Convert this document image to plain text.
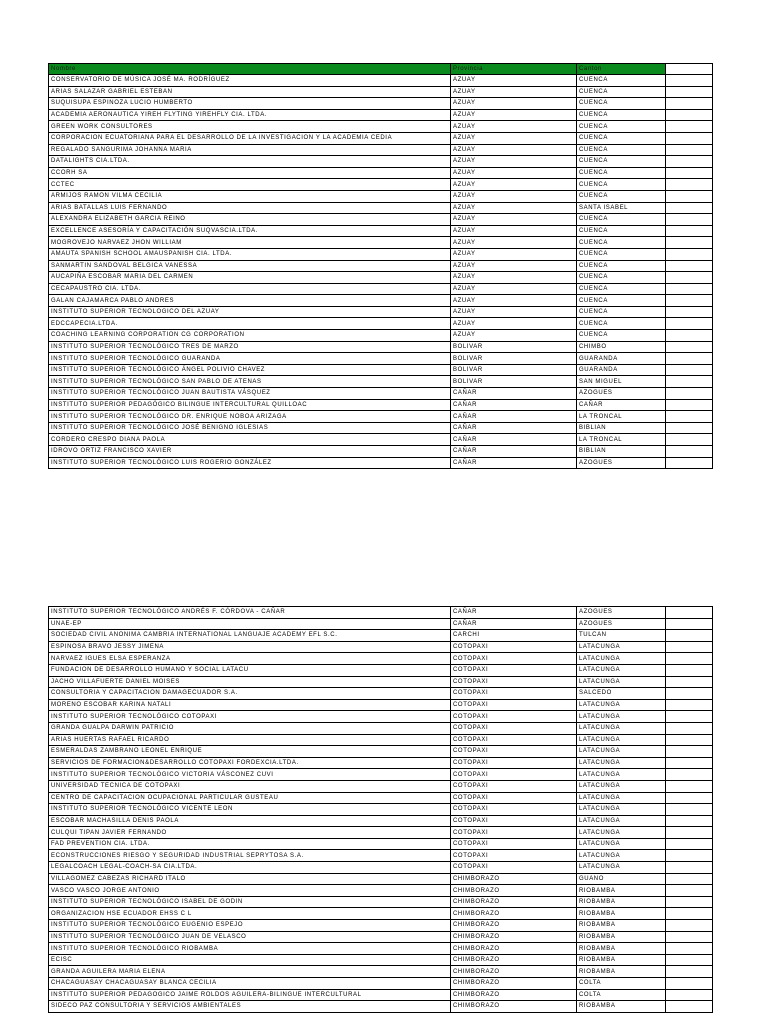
Nombre	Provincia	Canton	
CONSERVATORIO DE MÚSICA JOSÉ MA. RODRÍGUEZ	AZUAY	CUENCA	
ARIAS SALAZAR GABRIEL ESTEBAN	AZUAY	CUENCA	
SUQUISUPA ESPINOZA LUCIO HUMBERTO	AZUAY	CUENCA	
ACADEMIA AERONAUTICA YIREH FLYTING YIREHFLY CIA. LTDA.	AZUAY	CUENCA	
GREEN WORK CONSULTORES	AZUAY	CUENCA	
CORPORACION ECUATORIANA PARA EL DESARROLLO DE LA INVESTIGACION Y LA ACADEMIA CEDIA	AZUAY	CUENCA	
REGALADO SANGURIMA JOHANNA MARIA	AZUAY	CUENCA	
DATALIGHTS CIA.LTDA.	AZUAY	CUENCA	
CCORH SA	AZUAY	CUENCA	
CCTEC	AZUAY	CUENCA	
ARMIJOS RAMON VILMA CECILIA	AZUAY	CUENCA	
ARIAS BATALLAS LUIS FERNANDO	AZUAY	SANTA ISABEL	
ALEXANDRA ELIZABETH GARCIA REINO	AZUAY	CUENCA	
EXCELLENCE ASESORÍA Y CAPACITACIÓN SUQVASCIA.LTDA.	AZUAY	CUENCA	
MOGROVEJO NARVAEZ JHON WILLIAM	AZUAY	CUENCA	
AMAUTA SPANISH SCHOOL AMAUSPANISH CIA. LTDA.	AZUAY	CUENCA	
SANMARTIN SANDOVAL BELGICA VANESSA	AZUAY	CUENCA	
AUCAPIÑA ESCOBAR MARIA DEL CARMEN	AZUAY	CUENCA	
CECAPAUSTRO CIA. LTDA.	AZUAY	CUENCA	
GALAN CAJAMARCA PABLO ANDRES	AZUAY	CUENCA	
INSTITUTO SUPERIOR TECNOLOGICO DEL AZUAY	AZUAY	CUENCA	
EDCCAPECIA.LTDA.	AZUAY	CUENCA	
COACHING LEARNING CORPORATION CG CORPORATION	AZUAY	CUENCA	
INSTITUTO SUPERIOR TECNOLÓGICO TRES DE MARZO	BOLIVAR	CHIMBO	
INSTITUTO SUPERIOR TECNOLÓGICO GUARANDA	BOLIVAR	GUARANDA	
INSTITUTO SUPERIOR TECNOLÓGICO ÁNGEL POLIVIO CHAVEZ	BOLIVAR	GUARANDA	
INSTITUTO SUPERIOR TECNOLÓGICO SAN PABLO DE ATENAS	BOLIVAR	SAN MIGUEL	
INSTITUTO SUPERIOR TECNOLÓGICO JUAN BAUTISTA VÁSQUEZ	CAÑAR	AZOGUES	
INSTITUTO SUPERIOR PEDAGÓGICO BILINGUE INTERCULTURAL QUILLOAC	CAÑAR	CAÑAR	
INSTITUTO SUPERIOR TECNOLÓGICO DR. ENRIQUE NOBOA ARIZAGA	CAÑAR	LA TRONCAL	
INSTITUTO SUPERIOR TECNOLÓGICO JOSÉ BENIGNO IGLESIAS	CAÑAR	BIBLIAN	
CORDERO CRESPO DIANA PAOLA	CAÑAR	LA TRONCAL	
IDROVO ORTIZ FRANCISCO XAVIER	CAÑAR	BIBLIAN	
INSTITUTO SUPERIOR TECNOLÓGICO LUIS ROGERIO GONZÁLEZ	CAÑAR	AZOGUES	
INSTITUTO SUPERIOR TECNOLÓGICO ANDRÉS F. CÓRDOVA - CAÑAR	CAÑAR	AZOGUES	
UNAE-EP	CAÑAR	AZOGUES	
SOCIEDAD CIVIL ANONIMA CAMBRIA INTERNATIONAL LANGUAJE ACADEMY EFL S.C.	CARCHI	TULCAN	
ESPINOSA BRAVO JESSY JIMENA	COTOPAXI	LATACUNGA	
NARVAEZ IGUES ELSA ESPERANZA	COTOPAXI	LATACUNGA	
FUNDACION DE DESARROLLO HUMANO Y SOCIAL LATACU	COTOPAXI	LATACUNGA	
JACHO VILLAFUERTE DANIEL MOISES	COTOPAXI	LATACUNGA	
CONSULTORIA Y CAPACITACION DAMAGECUADOR S.A.	COTOPAXI	SALCEDO	
MORENO ESCOBAR KARINA NATALI	COTOPAXI	LATACUNGA	
INSTITUTO SUPERIOR TECNOLÓGICO COTOPAXI	COTOPAXI	LATACUNGA	
GRANDA GUALPA DARWIN PATRICIO	COTOPAXI	LATACUNGA	
ARIAS HUERTAS RAFAEL RICARDO	COTOPAXI	LATACUNGA	
ESMERALDAS ZAMBRANO LEONEL ENRIQUE	COTOPAXI	LATACUNGA	
SERVICIOS DE FORMACION&DESARROLLO COTOPAXI FORDEXCIA.LTDA.	COTOPAXI	LATACUNGA	
INSTITUTO SUPERIOR TECNOLÓGICO VICTORIA VÁSCONEZ CUVI	COTOPAXI	LATACUNGA	
UNIVERSIDAD TECNICA DE COTOPAXI	COTOPAXI	LATACUNGA	
CENTRO DE CAPACITACION OCUPACIONAL PARTICULAR GUSTEAU	COTOPAXI	LATACUNGA	
INSTITUTO SUPERIOR TECNOLÓGICO VICENTE LEON	COTOPAXI	LATACUNGA	
ESCOBAR MACHASILLA DENIS PAOLA	COTOPAXI	LATACUNGA	
CULQUI TIPAN JAVIER FERNANDO	COTOPAXI	LATACUNGA	
FAD PREVENTION CIA. LTDA.	COTOPAXI	LATACUNGA	
ECONSTRUCCIONES RIESGO Y SEGURIDAD INDUSTRIAL SEPRYTOSA S.A.	COTOPAXI	LATACUNGA	
LEGALCOACH LEGAL-COACH-SA CIA.LTDA.	COTOPAXI	LATACUNGA	
VILLAGOMEZ CABEZAS RICHARD ITALO	CHIMBORAZO	GUANO	
VASCO VASCO JORGE ANTONIO	CHIMBORAZO	RIOBAMBA	
INSTITUTO SUPERIOR TECNOLÓGICO ISABEL DE GODIN	CHIMBORAZO	RIOBAMBA	
ORGANIZACION HSE ECUADOR EHSS C L	CHIMBORAZO	RIOBAMBA	
INSTITUTO SUPERIOR TECNOLÓGICO EUGENIO ESPEJO	CHIMBORAZO	RIOBAMBA	
INSTITUTO SUPERIOR TECNOLÓGICO JUAN DE VELASCO	CHIMBORAZO	RIOBAMBA	
INSTITUTO SUPERIOR TECNOLÓGICO RIOBAMBA	CHIMBORAZO	RIOBAMBA	
ECISC	CHIMBORAZO	RIOBAMBA	
GRANDA AGUILERA MARIA ELENA	CHIMBORAZO	RIOBAMBA	
CHACAGUASAY CHACAGUASAY BLANCA CECILIA	CHIMBORAZO	COLTA	
INSTITUTO SUPERIOR PEDAGOGICO JAIME ROLDOS AGUILERA-BILINGUE INTERCULTURAL	CHIMBORAZO	COLTA	
SIDECO PAZ CONSULTORIA Y SERVICIOS AMBIENTALES	CHIMBORAZO	RIOBAMBA	
